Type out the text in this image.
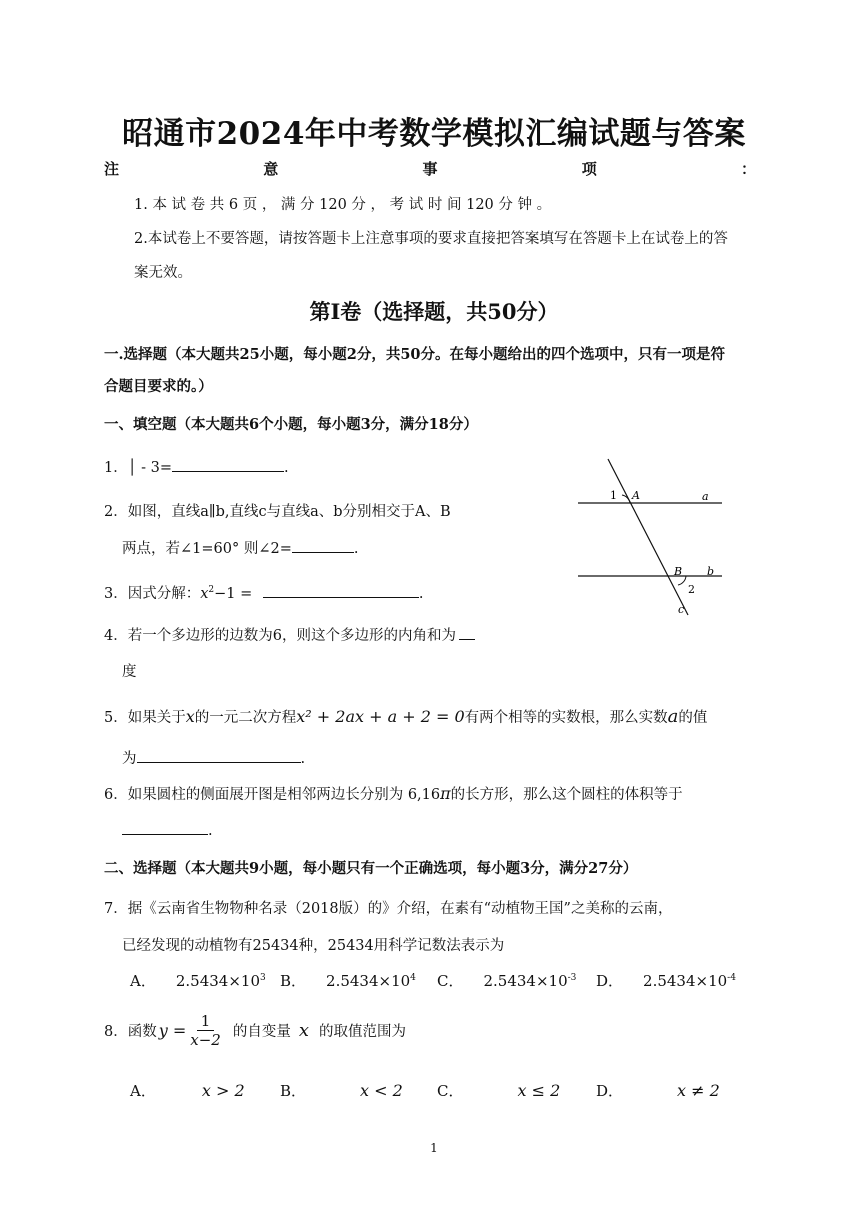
昭通市2024年中考数学模拟汇编试题与答案
注	意	事	项	：
1. 本 试 卷 共 6 页 ， 满 分 120 分 ， 考 试 时 间 120 分 钟 。
2.本试卷上不要答题，请按答题卡上注意事项的要求直接把答案填写在答题卡上在试卷上的答
案无效。
第Ⅰ卷（选择题，共50分）
一.选择题（本大题共25小题，每小题2分，共50分。在每小题给出的四个选项中，只有一项是符
合题目要求的。）
一、填空题（本大题共6个小题，每小题3分，满分18分）
1．│ - 3=	.
2．如图，直线a∥b,直线c与直线a、b分别相交于A、B
两点，若∠1=60° 则∠2=	.
1 A	a
B b
2
c
3．因式分解：$x^2-1$ =	.
4．若一个多边形的边数为6，则这个多边形的内角和为
度
5．如果关于x的一元二次方程x² + 2ax + a + 2 = 0有两个相等的实数根，那么实数a的值
为	.
6．如果圆柱的侧面展开图是相邻两边长分别为 6,16π的长方形，那么这个圆柱的体积等于
.
二、选择题（本大题共9小题，每小题只有一个正确选项，每小题3分，满分27分）
7．据《云南省生物物种名录（2018版）的》介绍，在素有“动植物王国”之美称的云南，
已经发现的动植物有25434种，25434用科学记数法表示为
A． $2.5434\times 10^3$ B． $2.5434\times 10^4$ C． $2.5434\times 10^{-3}$ D． $2.5434\times 10^{-4}$
8．函数 $y = \frac{1}{x-2}$ 的自变量 x 的取值范围为
A．	x > 2 B．	x < 2 C．	x ≤ 2 D．	x ≠ 2
1
